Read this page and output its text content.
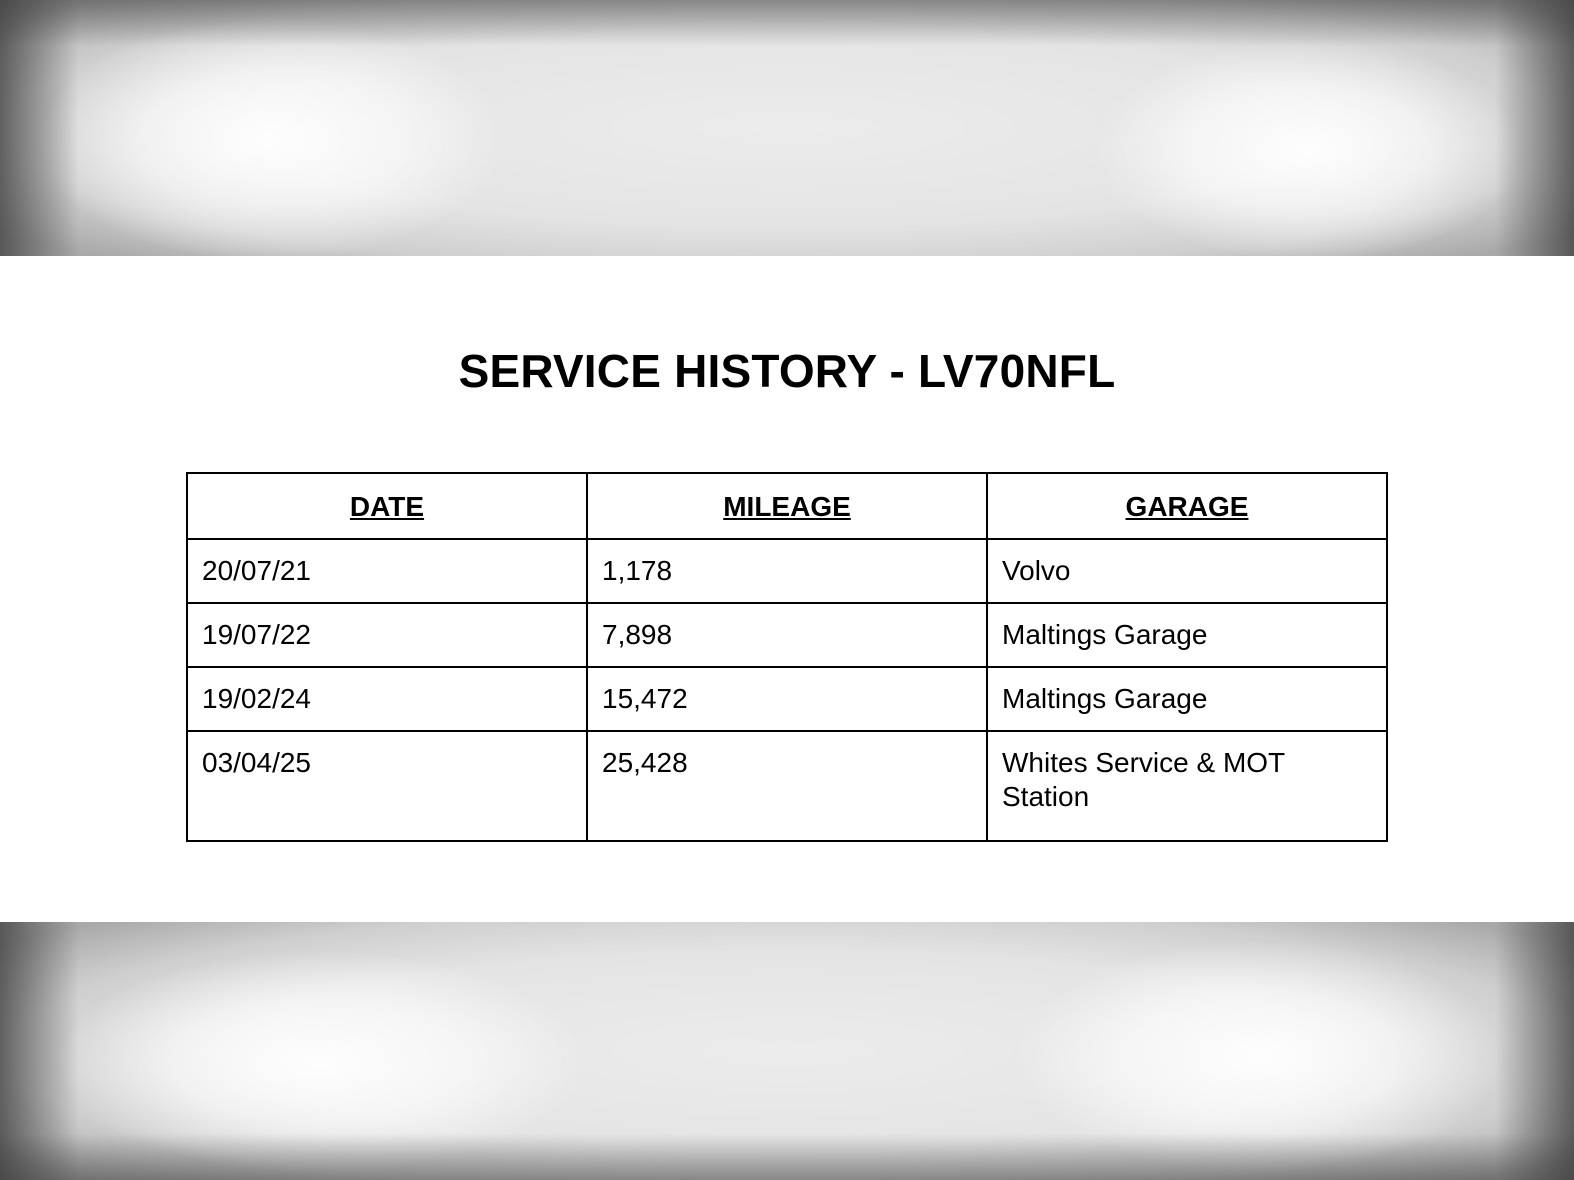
SERVICE HISTORY - LV70NFL
DATE	MILEAGE	GARAGE
20/07/21	1,178	Volvo
19/07/22	7,898	Maltings Garage
19/02/24	15,472	Maltings Garage
03/04/25	25,428	Whites Service & MOT Station
